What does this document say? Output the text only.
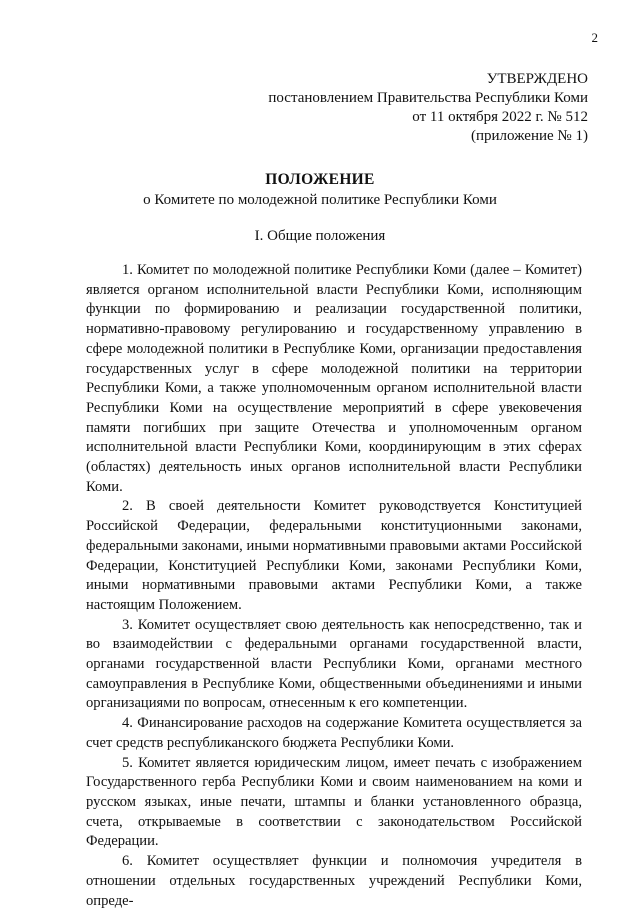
2
УТВЕРЖДЕНО
постановлением Правительства Республики Коми
от 11 октября 2022 г. № 512
(приложение № 1)
ПОЛОЖЕНИЕ
о Комитете по молодежной политике Республики Коми
I. Общие положения

1. Комитет по молодежной политике Республики Коми (далее – Комитет) является органом исполнительной власти Республики Коми, исполняющим функции по формированию и реализации государственной политики, нормативно-правовому регулированию и государственному управлению в сфере молодежной политики в Республике Коми, организации предоставления государственных услуг в сфере молодежной политики на территории Республики Коми, а также уполномоченным органом исполнительной власти Республики Коми на осуществление мероприятий в сфере увековечения памяти погибших при защите Отечества и уполномоченным органом исполнительной власти Республики Коми, координирующим в этих сферах (областях) деятельность иных органов исполнительной власти Республики Коми.

2. В своей деятельности Комитет руководствуется Конституцией Российской Федерации, федеральными конституционными законами, федеральными законами, иными нормативными правовыми актами Российской Федерации, Конституцией Республики Коми, законами Республики Коми, иными нормативными правовыми актами Республики Коми, а также настоящим Положением.

3. Комитет осуществляет свою деятельность как непосредственно, так и во взаимодействии с федеральными органами государственной власти, органами государственной власти Республики Коми, органами местного самоуправления в Республике Коми, общественными объединениями и иными организациями по вопросам, отнесенным к его компетенции.

4. Финансирование расходов на содержание Комитета осуществляется за счет средств республиканского бюджета Республики Коми.

5. Комитет является юридическим лицом, имеет печать с изображением Государственного герба Республики Коми и своим наименованием на коми и русском языках, иные печати, штампы и бланки установленного образца, счета, открываемые в соответствии с законодательством Российской Федерации.

6. Комитет осуществляет функции и полномочия учредителя в отношении отдельных государственных учреждений Республики Коми, опреде-
